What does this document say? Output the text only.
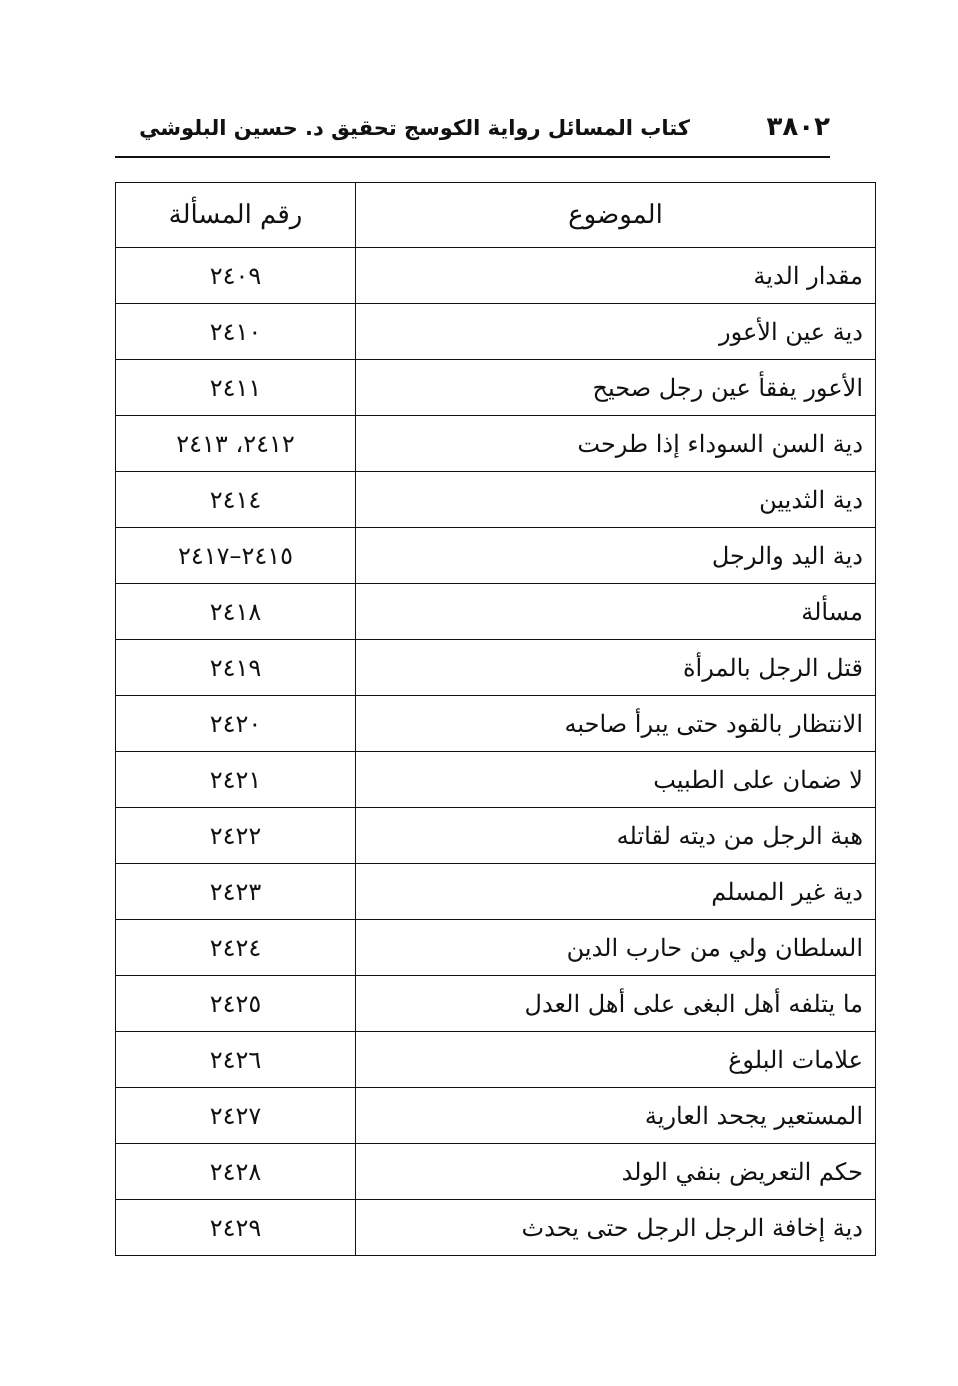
٣٨٠٢
كتاب المسائل رواية الكوسج تحقيق د. حسين البلوشي
الموضوع	رقم المسألة
مقدار الدية	٢٤٠٩
دية عين الأعور	٢٤١٠
الأعور يفقأ عين رجل صحيح	٢٤١١
دية السن السوداء إذا طرحت	٢٤١٢، ٢٤١٣
دية الثديين	٢٤١٤
دية اليد والرجل	٢٤١٥–٢٤١٧
مسألة	٢٤١٨
قتل الرجل بالمرأة	٢٤١٩
الانتظار بالقود حتى يبرأ صاحبه	٢٤٢٠
لا ضمان على الطبيب	٢٤٢١
هبة الرجل من ديته لقاتله	٢٤٢٢
دية غير المسلم	٢٤٢٣
السلطان ولي من حارب الدين	٢٤٢٤
ما يتلفه أهل البغى على أهل العدل	٢٤٢٥
علامات البلوغ	٢٤٢٦
المستعير يجحد العارية	٢٤٢٧
حكم التعريض بنفي الولد	٢٤٢٨
دية إخافة الرجل الرجل حتى يحدث	٢٤٢٩
